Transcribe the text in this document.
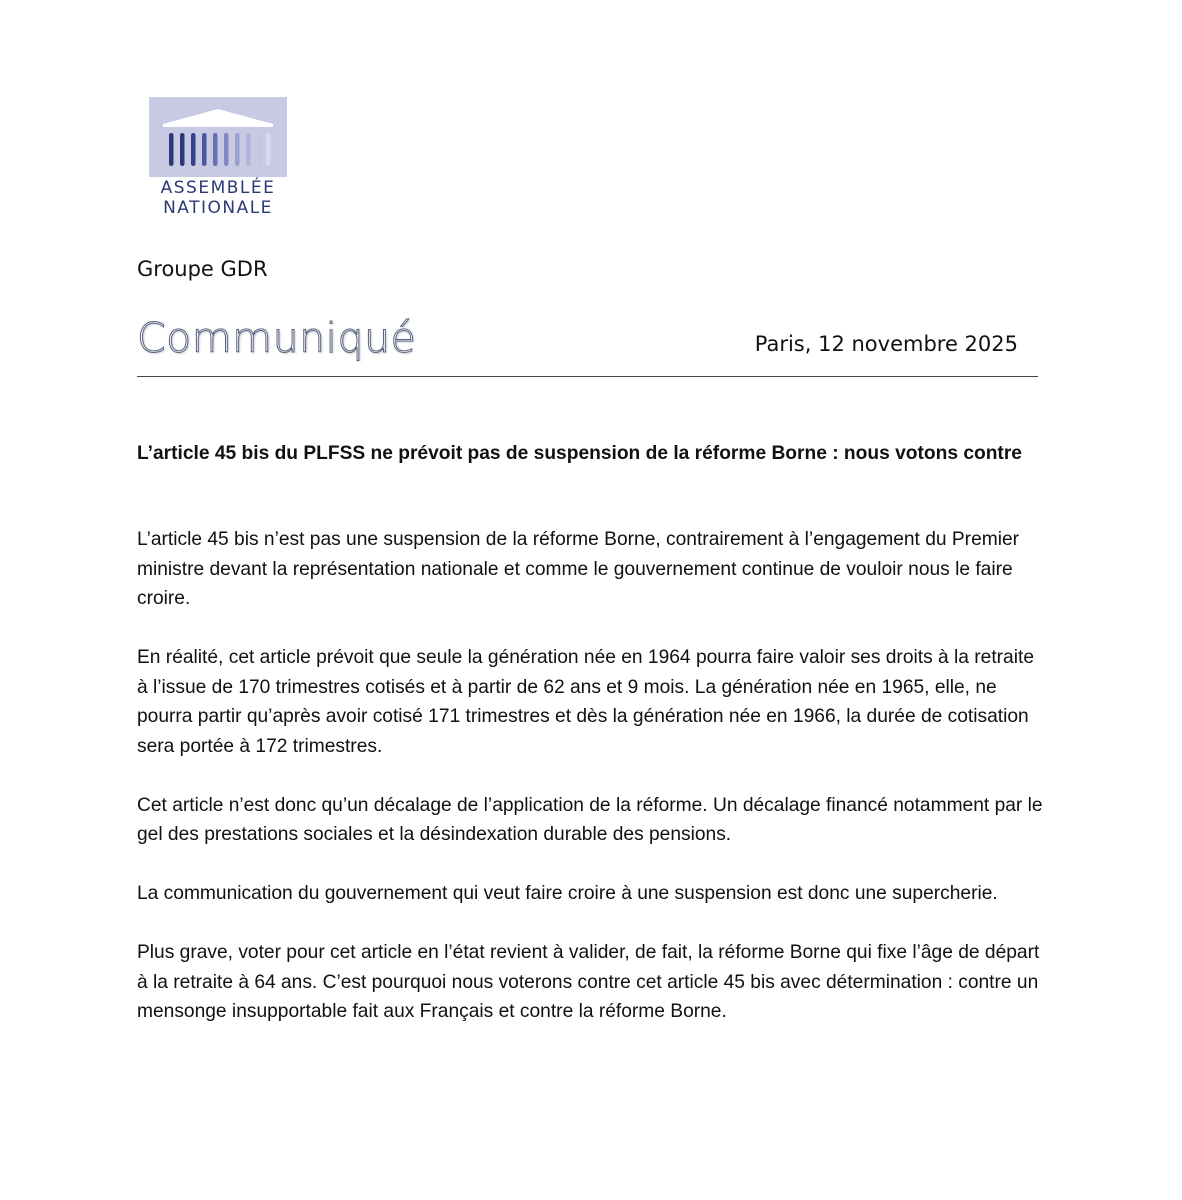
ASSEMBLÉE
NATIONALE
Groupe GDR
Communiqué	Paris, 12 novembre 2025
L’article 45 bis du PLFSS ne prévoit pas de suspension de la réforme Borne : nous votons contre

L’article 45 bis n’est pas une suspension de la réforme Borne, contrairement à l’engagement du Premier ministre devant la représentation nationale et comme le gouvernement continue de vouloir nous le faire croire.

En réalité, cet article prévoit que seule la génération née en 1964 pourra faire valoir ses droits à la retraite à l’issue de 170 trimestres cotisés et à partir de 62 ans et 9 mois. La génération née en 1965, elle, ne pourra partir qu’après avoir cotisé 171 trimestres et dès la génération née en 1966, la durée de cotisation sera portée à 172 trimestres.

Cet article n’est donc qu’un décalage de l’application de la réforme. Un décalage financé notamment par le gel des prestations sociales et la désindexation durable des pensions.

La communication du gouvernement qui veut faire croire à une suspension est donc une supercherie.

Plus grave, voter pour cet article en l’état revient à valider, de fait, la réforme Borne qui fixe l’âge de départ à la retraite à 64 ans. C’est pourquoi nous voterons contre cet article 45 bis avec détermination : contre un mensonge insupportable fait aux Français et contre la réforme Borne.
